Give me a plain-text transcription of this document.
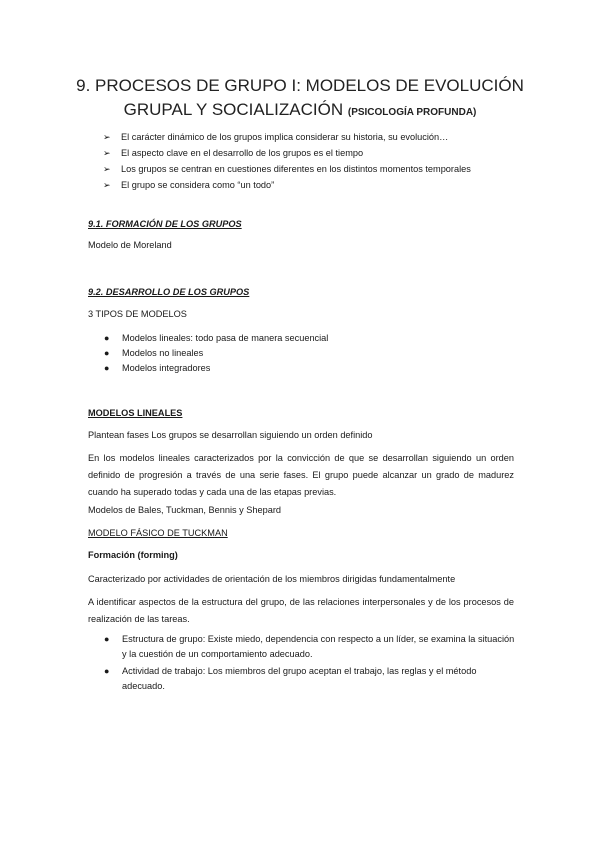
9. PROCESOS DE GRUPO I: MODELOS DE EVOLUCIÓN
GRUPAL Y SOCIALIZACIÓN (PSICOLOGÍA PROFUNDA)
➢	El carácter dinámico de los grupos implica considerar su historia, su evolución…
➢	El aspecto clave en el desarrollo de los grupos es el tiempo
➢	Los grupos se centran en cuestiones diferentes en los distintos momentos temporales
➢	El grupo se considera como “un todo”
9.1. FORMACIÓN DE LOS GRUPOS
Modelo de Moreland
9.2. DESARROLLO DE LOS GRUPOS
3 TIPOS DE MODELOS
●	Modelos lineales: todo pasa de manera secuencial
●	Modelos no lineales
●	Modelos integradores
MODELOS LINEALES
Plantean fases Los grupos se desarrollan siguiendo un orden definido
En los modelos lineales caracterizados por la convicción de que se desarrollan siguiendo un orden definido de progresión a través de una serie fases. El grupo puede alcanzar un grado de madurez cuando ha superado todas y cada una de las etapas previas.
Modelos de Bales, Tuckman, Bennis y Shepard
MODELO FÁSICO DE TUCKMAN
Formación (forming)
Caracterizado por actividades de orientación de los miembros dirigidas fundamentalmente
A identificar aspectos de la estructura del grupo, de las relaciones interpersonales y de los procesos de realización de las tareas.
●	Estructura de grupo: Existe miedo, dependencia con respecto a un líder, se examina la situación y la cuestión de un comportamiento adecuado.
●	Actividad de trabajo: Los miembros del grupo aceptan el trabajo, las reglas y el método adecuado.
